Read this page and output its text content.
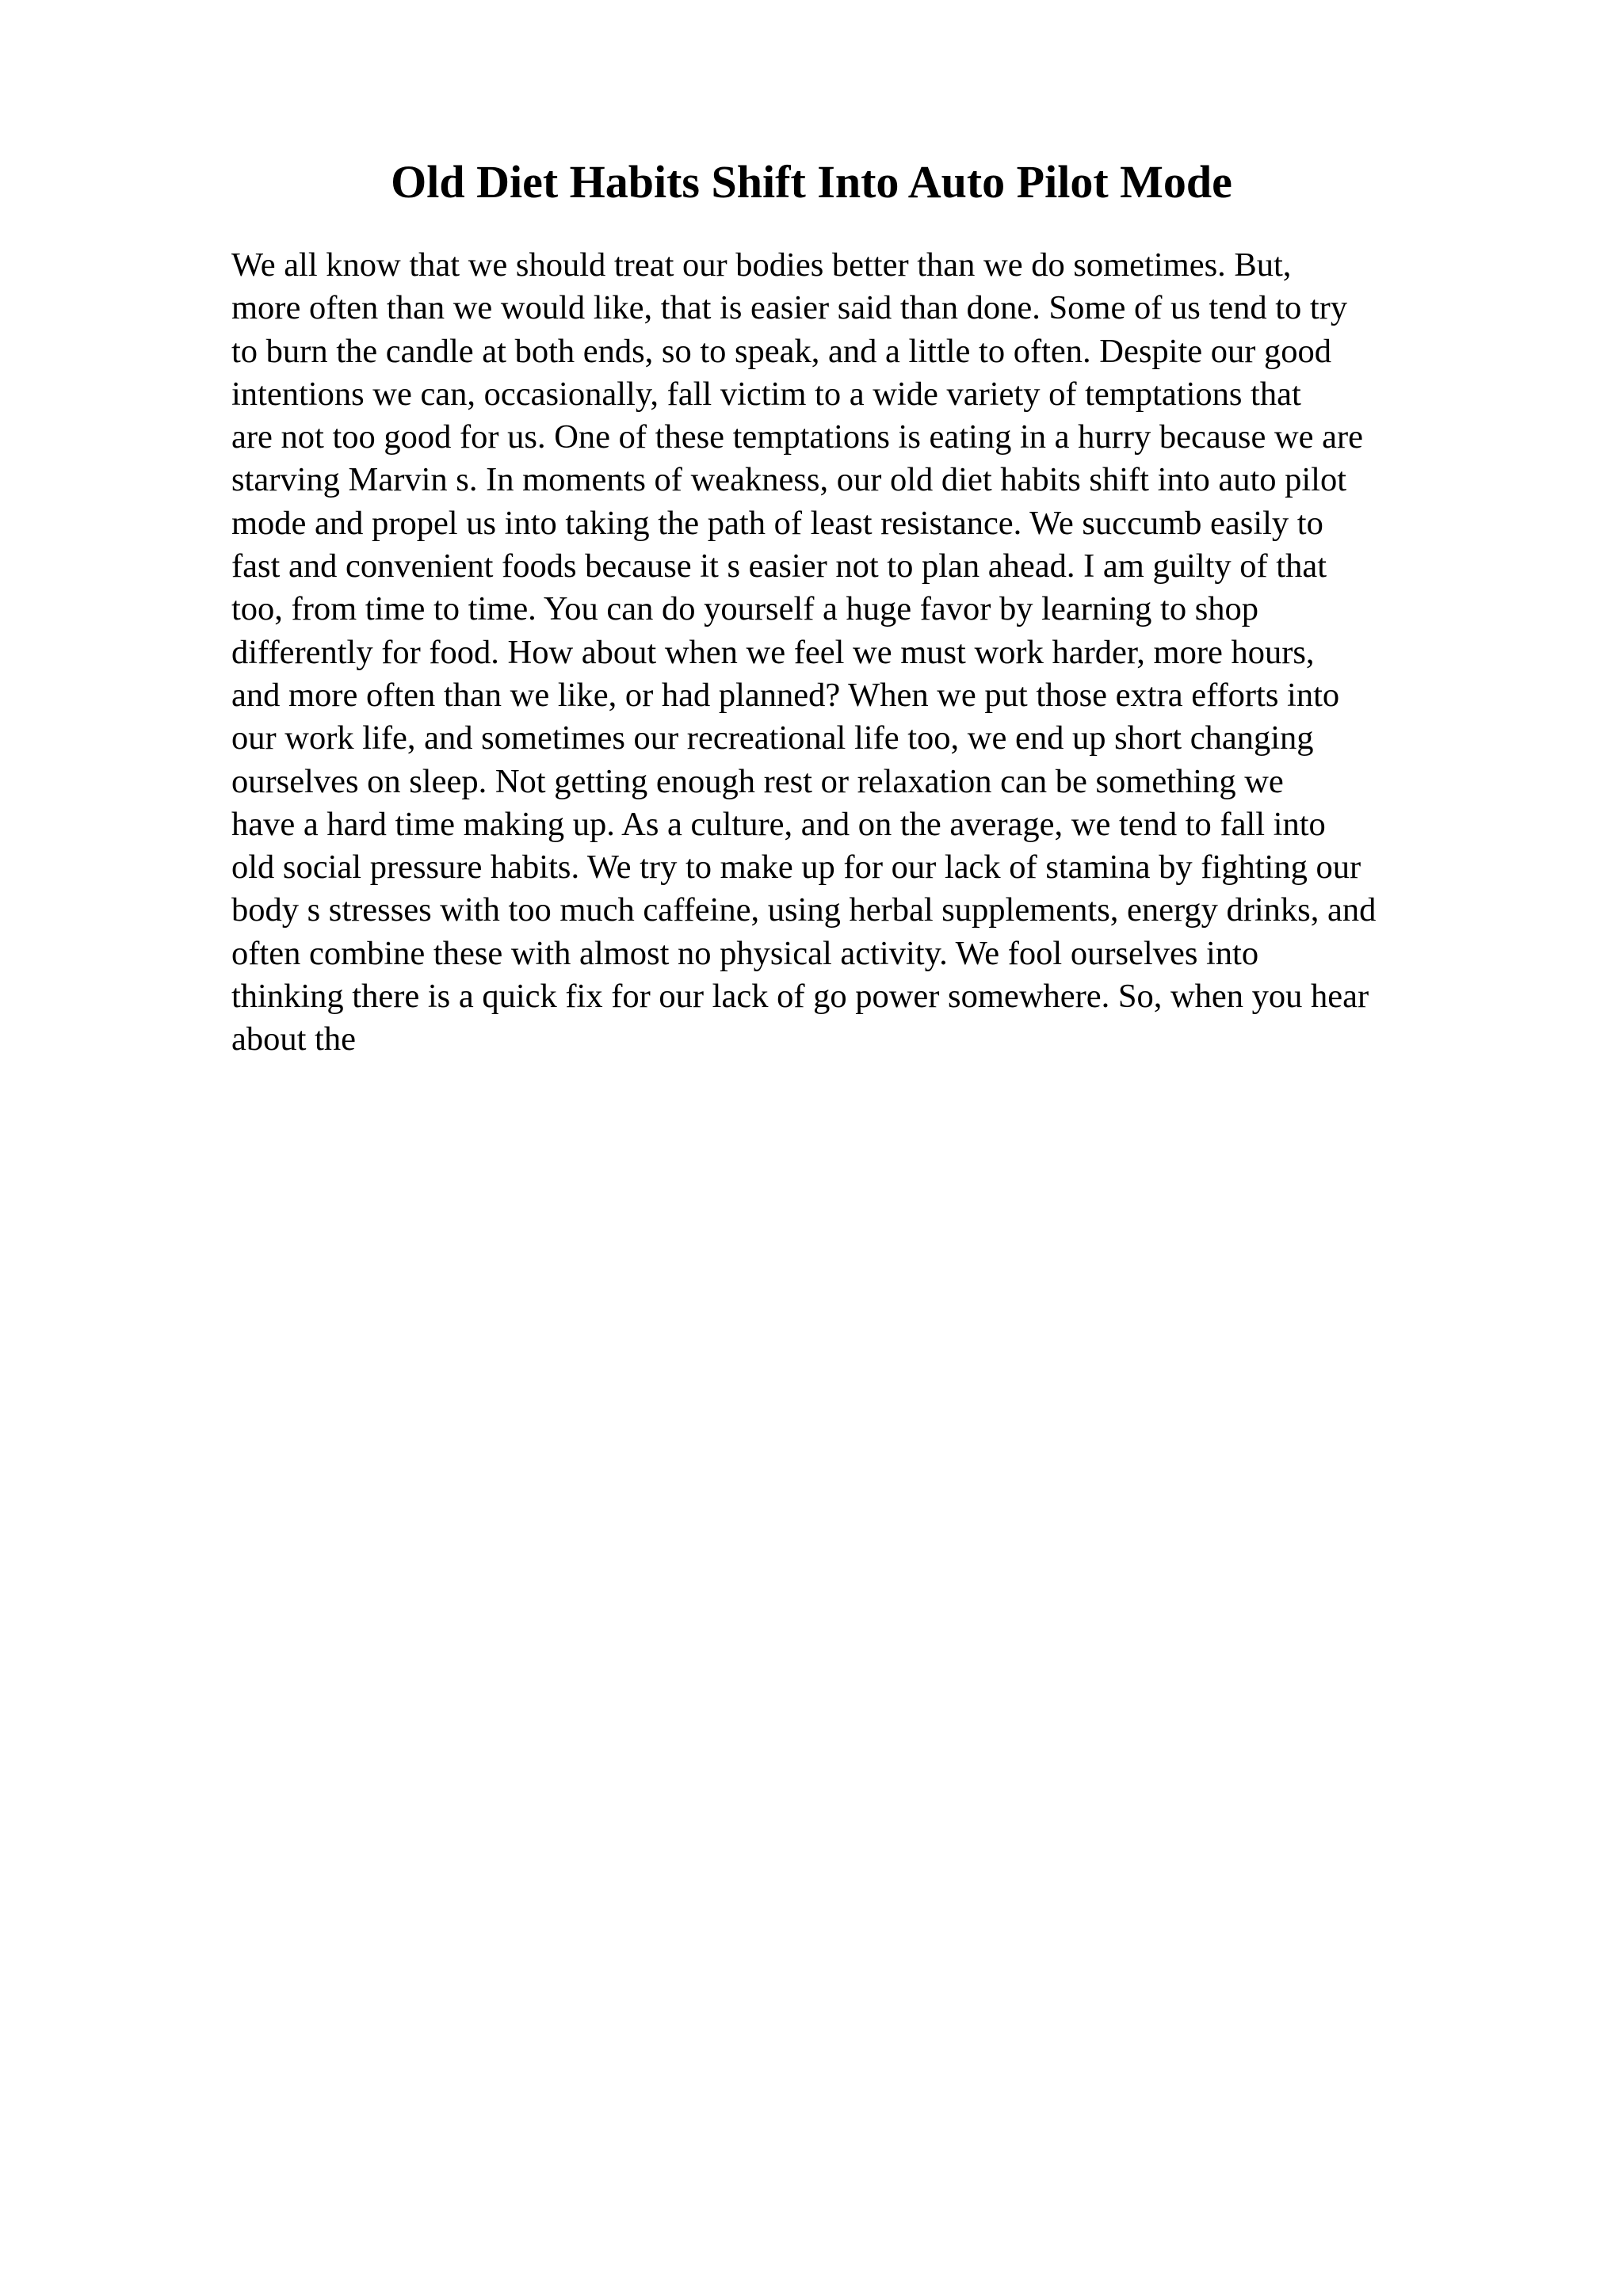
Old Diet Habits Shift Into Auto Pilot Mode

We all know that we should treat our bodies better than we do sometimes. But,
more often than we would like, that is easier said than done. Some of us tend to try
to burn the candle at both ends, so to speak, and a little to often. Despite our good
intentions we can, occasionally, fall victim to a wide variety of temptations that
are not too good for us. One of these temptations is eating in a hurry because we are
starving Marvin s. In moments of weakness, our old diet habits shift into auto pilot
mode and propel us into taking the path of least resistance. We succumb easily to
fast and convenient foods because it s easier not to plan ahead. I am guilty of that
too, from time to time. You can do yourself a huge favor by learning to shop
differently for food. How about when we feel we must work harder, more hours,
and more often than we like, or had planned? When we put those extra efforts into
our work life, and sometimes our recreational life too, we end up short changing
ourselves on sleep. Not getting enough rest or relaxation can be something we
have a hard time making up. As a culture, and on the average, we tend to fall into
old social pressure habits. We try to make up for our lack of stamina by fighting our
body s stresses with too much caffeine, using herbal supplements, energy drinks, and
often combine these with almost no physical activity. We fool ourselves into
thinking there is a quick fix for our lack of go power somewhere. So, when you hear
about the
